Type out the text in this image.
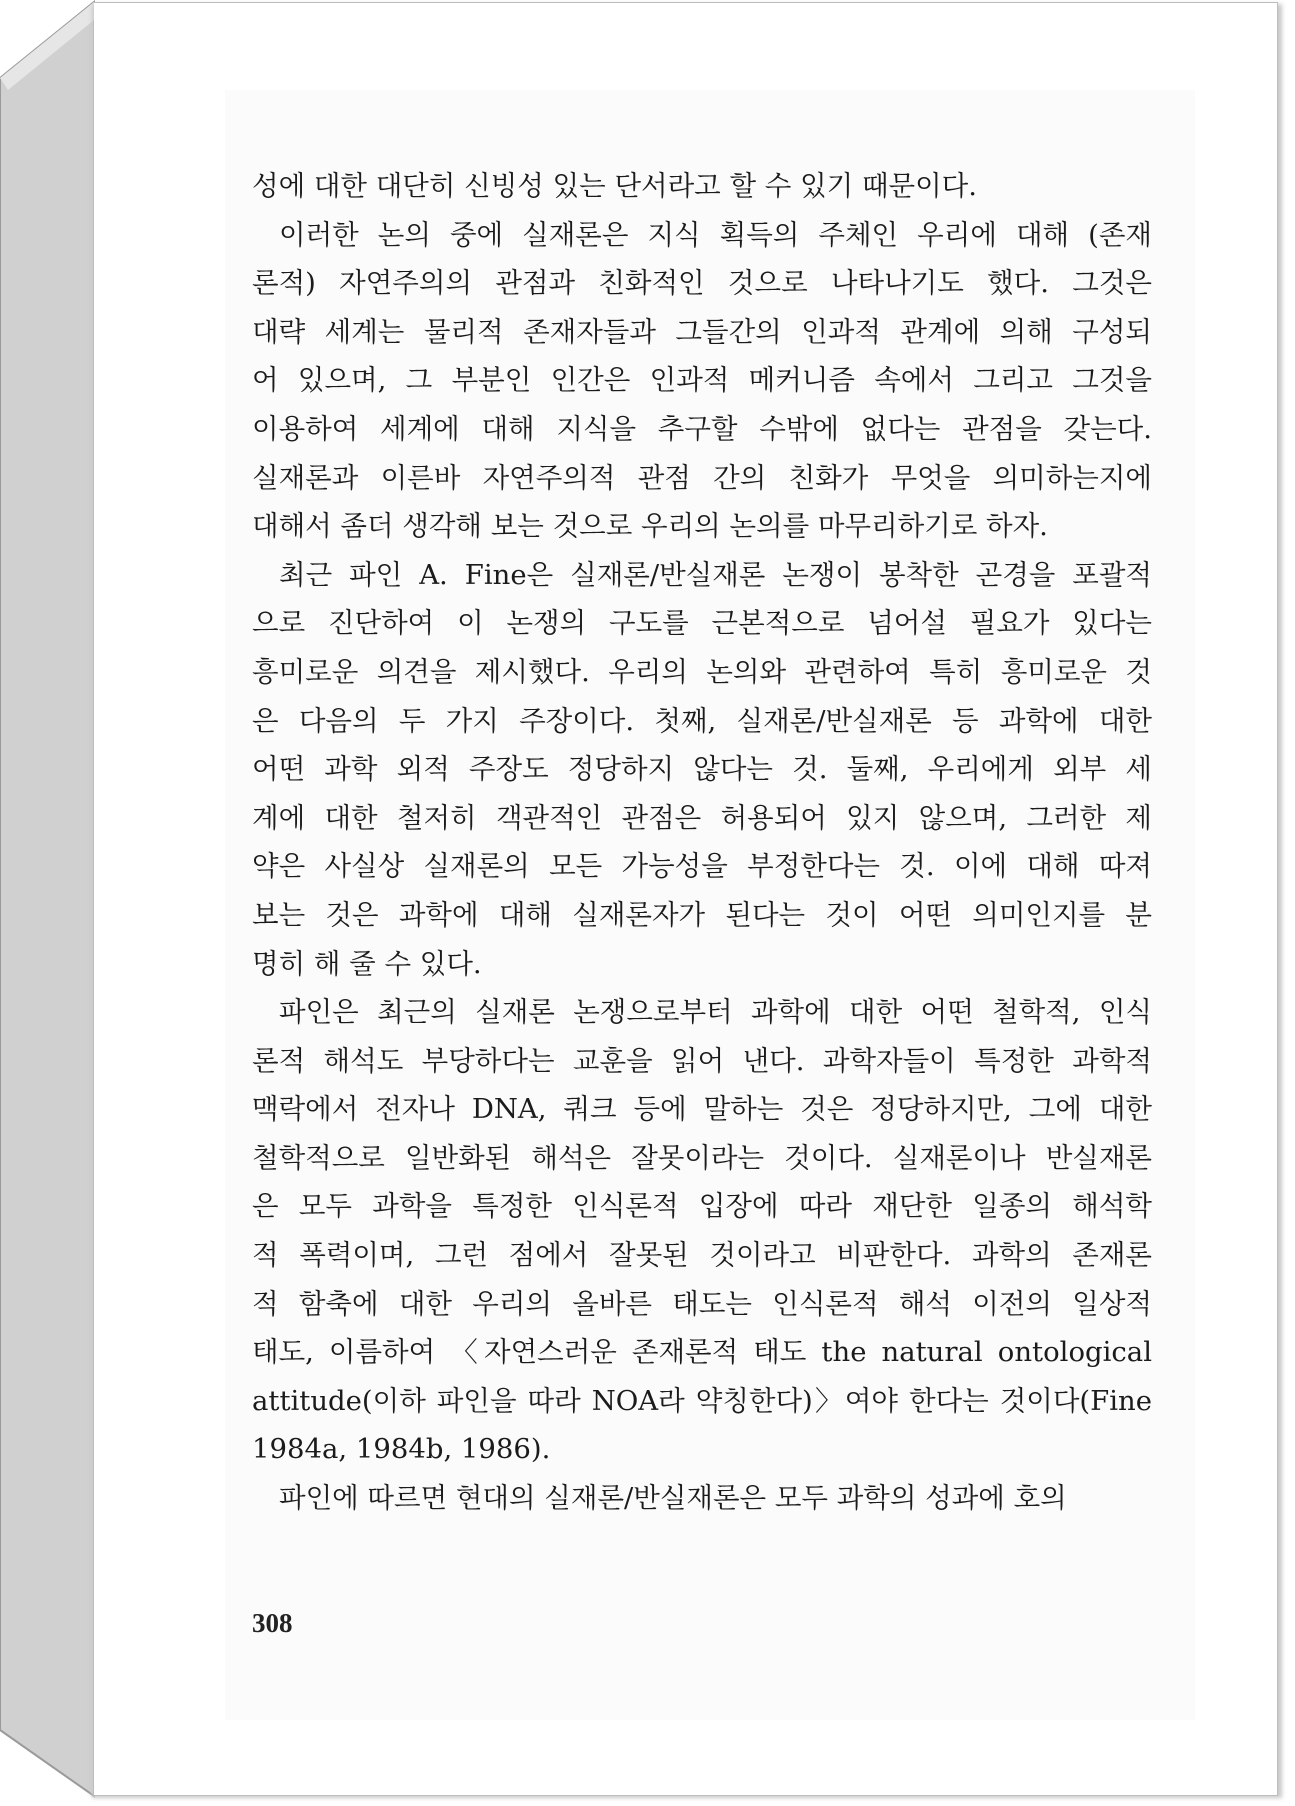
성에 대한 대단히 신빙성 있는 단서라고 할 수 있기 때문이다.
이러한 논의 중에 실재론은 지식 획득의 주체인 우리에 대해 (존재
론적) 자연주의의 관점과 친화적인 것으로 나타나기도 했다. 그것은
대략 세계는 물리적 존재자들과 그들간의 인과적 관계에 의해 구성되
어 있으며, 그 부분인 인간은 인과적 메커니즘 속에서 그리고 그것을
이용하여 세계에 대해 지식을 추구할 수밖에 없다는 관점을 갖는다.
실재론과 이른바 자연주의적 관점 간의 친화가 무엇을 의미하는지에
대해서 좀더 생각해 보는 것으로 우리의 논의를 마무리하기로 하자.
최근 파인 A. Fine은 실재론/반실재론 논쟁이 봉착한 곤경을 포괄적
으로 진단하여 이 논쟁의 구도를 근본적으로 넘어설 필요가 있다는
흥미로운 의견을 제시했다. 우리의 논의와 관련하여 특히 흥미로운 것
은 다음의 두 가지 주장이다. 첫째, 실재론/반실재론 등 과학에 대한
어떤 과학 외적 주장도 정당하지 않다는 것. 둘째, 우리에게 외부 세
계에 대한 철저히 객관적인 관점은 허용되어 있지 않으며, 그러한 제
약은 사실상 실재론의 모든 가능성을 부정한다는 것. 이에 대해 따져
보는 것은 과학에 대해 실재론자가 된다는 것이 어떤 의미인지를 분
명히 해 줄 수 있다.
파인은 최근의 실재론 논쟁으로부터 과학에 대한 어떤 철학적, 인식
론적 해석도 부당하다는 교훈을 읽어 낸다. 과학자들이 특정한 과학적
맥락에서 전자나 DNA, 쿼크 등에 말하는 것은 정당하지만, 그에 대한
철학적으로 일반화된 해석은 잘못이라는 것이다. 실재론이나 반실재론
은 모두 과학을 특정한 인식론적 입장에 따라 재단한 일종의 해석학
적 폭력이며, 그런 점에서 잘못된 것이라고 비판한다. 과학의 존재론
적 함축에 대한 우리의 올바른 태도는 인식론적 해석 이전의 일상적
태도, 이름하여 〈자연스러운 존재론적 태도 the natural ontological
attitude(이하 파인을 따라 NOA라 약칭한다)〉여야 한다는 것이다(Fine
1984a, 1984b, 1986).
파인에 따르면 현대의 실재론/반실재론은 모두 과학의 성과에 호의
308
